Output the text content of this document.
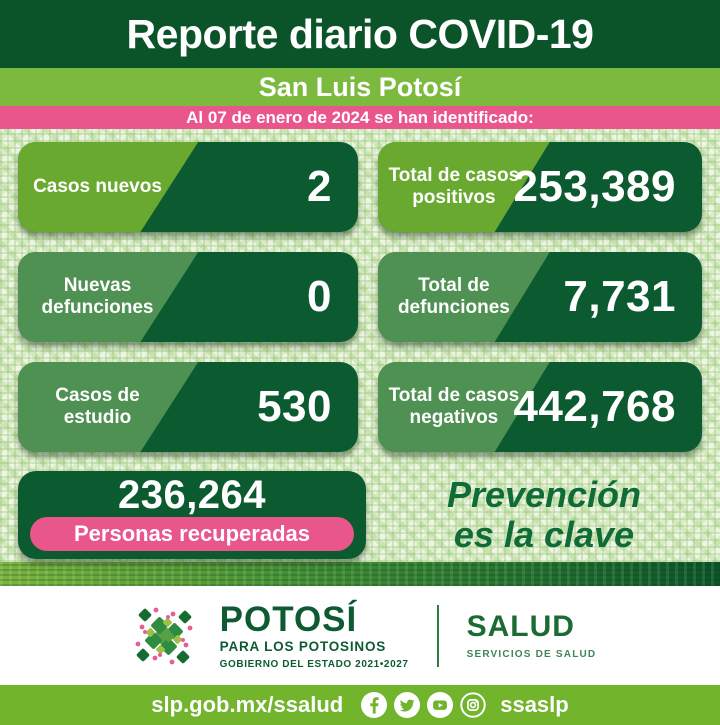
Reporte diario COVID-19
San Luis Potosí
Al 07 de enero de 2024 se han identificado:
Casos nuevos	2	Total de casos positivos 253,389
Nuevas defunciones	0	Total de defunciones	7,731
Casos de estudio	530	Total de casos negativos 442,768
236,264
Personas recuperadas
Prevención
es la clave
POTOSÍ
PARA LOS POTOSINOS
GOBIERNO DEL ESTADO 2021•2027
SALUD
SERVICIOS DE SALUD
slp.gob.mx/ssalud	ssaslp
